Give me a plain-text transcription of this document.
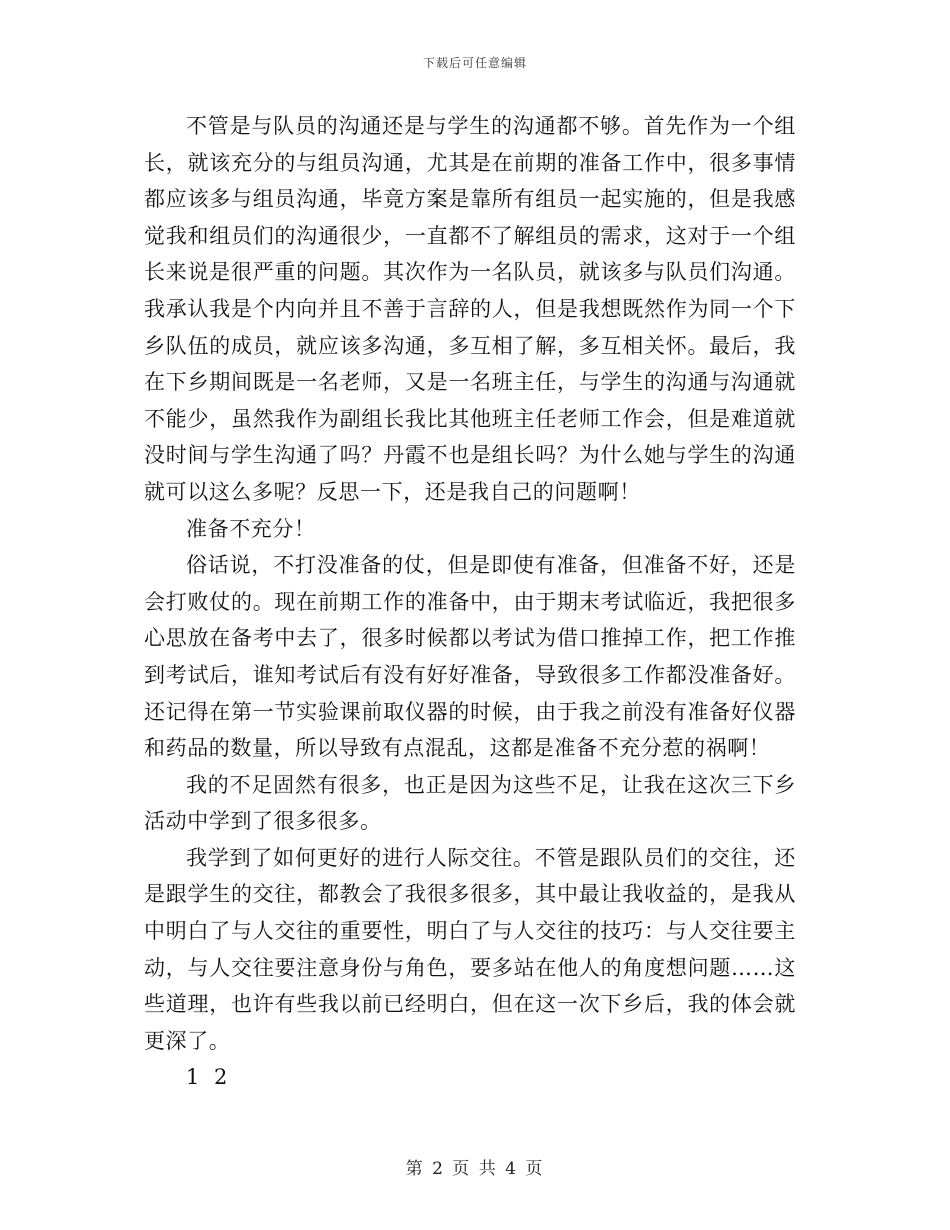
下载后可任意编辑

不管是与队员的沟通还是与学生的沟通都不够。首先作为一个组长，就该充分的与组员沟通，尤其是在前期的准备工作中，很多事情都应该多与组员沟通，毕竟方案是靠所有组员一起实施的，但是我感觉我和组员们的沟通很少，一直都不了解组员的需求，这对于一个组长来说是很严重的问题。其次作为一名队员，就该多与队员们沟通。我承认我是个内向并且不善于言辞的人，但是我想既然作为同一个下乡队伍的成员，就应该多沟通，多互相了解，多互相关怀。最后，我在下乡期间既是一名老师，又是一名班主任，与学生的沟通与沟通就不能少，虽然我作为副组长我比其他班主任老师工作会，但是难道就没时间与学生沟通了吗？丹霞不也是组长吗？为什么她与学生的沟通就可以这么多呢？反思一下，还是我自己的问题啊！

准备不充分！

俗话说，不打没准备的仗，但是即使有准备，但准备不好，还是会打败仗的。现在前期工作的准备中，由于期末考试临近，我把很多心思放在备考中去了，很多时候都以考试为借口推掉工作，把工作推到考试后，谁知考试后有没有好好准备，导致很多工作都没准备好。还记得在第一节实验课前取仪器的时候，由于我之前没有准备好仪器和药品的数量，所以导致有点混乱，这都是准备不充分惹的祸啊！

我的不足固然有很多，也正是因为这些不足，让我在这次三下乡活动中学到了很多很多。

我学到了如何更好的进行人际交往。不管是跟队员们的交往，还是跟学生的交往，都教会了我很多很多，其中最让我收益的，是我从中明白了与人交往的重要性，明白了与人交往的技巧：与人交往要主动，与人交往要注意身份与角色，要多站在他人的角度想问题……这些道理，也许有些我以前已经明白，但在这一次下乡后，我的体会就更深了。

1 2

第 2 页 共 4 页
